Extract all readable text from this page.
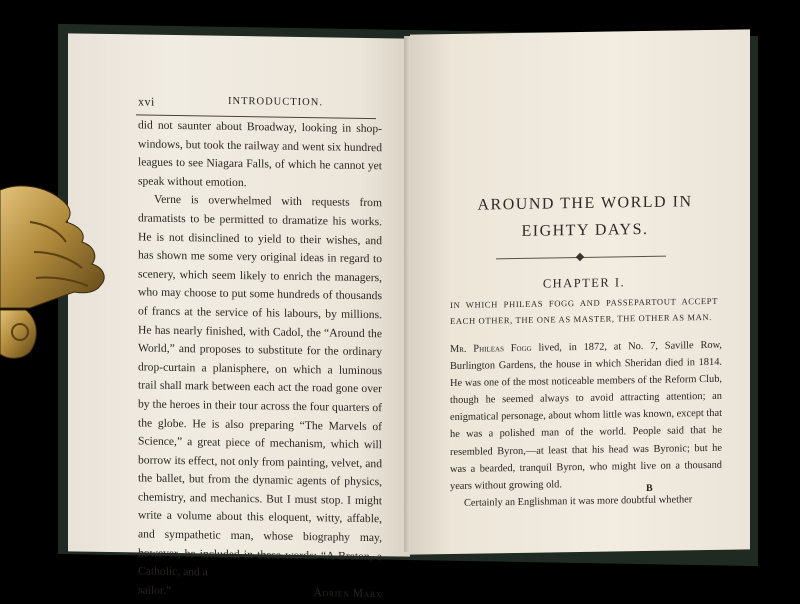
xvi	INTRODUCTION.

did not saunter about Broadway, looking in shop-windows, but took the railway and went six hundred leagues to see Niagara Falls, of which he cannot yet speak without emotion.

Verne is overwhelmed with requests from dramatists to be permitted to dramatize his works. He is not disinclined to yield to their wishes, and has shown me some very original ideas in regard to scenery, which seem likely to enrich the managers, who may choose to put some hundreds of thousands of francs at the service of his labours, by millions. He has nearly finished, with Cadol, the “Around the World,” and proposes to substitute for the ordinary drop-curtain a planisphere, on which a luminous trail shall mark between each act the road gone over by the heroes in their tour across the four quarters of the globe. He is also preparing “The Marvels of Science,” a great piece of mechanism, which will borrow its effect, not only from painting, velvet, and the ballet, but from the dynamic agents of physics, chemistry, and mechanics. But I must stop. I might write a volume about this eloquent, witty, affable, and sympathetic man, whose biography may, however, be included in these words: “A Breton, a Catholic, and a

sailor.”	Adrien Marx
AROUND THE WORLD IN
EIGHTY DAYS.
CHAPTER I.
IN WHICH PHILEAS FOGG AND PASSEPARTOUT ACCEPT EACH OTHER, THE ONE AS MASTER, THE OTHER AS MAN.

Mr. Phileas Fogg lived, in 1872, at No. 7, Saville Row, Burlington Gardens, the house in which Sheridan died in 1814. He was one of the most noticeable members of the Reform Club, though he seemed always to avoid attracting attention; an enigmatical personage, about whom little was known, except that he was a polished man of the world. People said that he resembled Byron,—at least that his head was Byronic; but he was a bearded, tranquil Byron, who might live on a thousand years without growing old.

Certainly an Englishman it was more doubtful whether

B
